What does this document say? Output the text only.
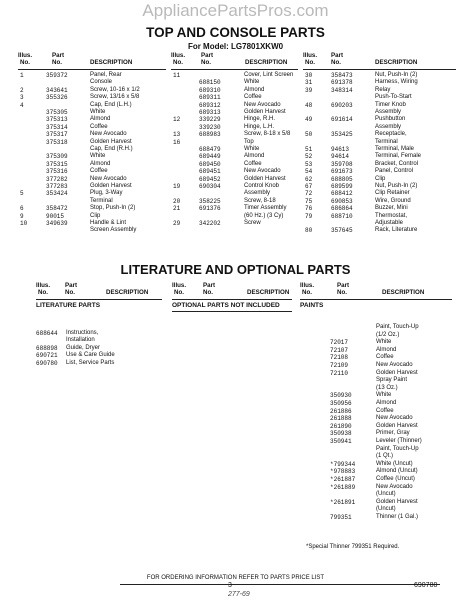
AppliancePartsPros.com
TOP AND CONSOLE PARTS
For Model: LG7801XKW0
Illus.
No.
Part
No.	DESCRIPTION
Illus.
No.
Part
No.	DESCRIPTION
Illus.
No.
Part
No.	DESCRIPTION
1	359372	Panel, Rear
Console
2	343641	Screw, 10-16 x 1/2
3	355326	Screw, 13/16 x 5/8
4	Cap, End (L.H.)
375305	White
375313	Almond
375314	Coffee
375317	New Avocado
375318	Golden Harvest
Cap, End (R.H.)
375309	White
375315	Almond
375316	Coffee
377282	New Avocado
377283	Golden Harvest
5	353424	Plug, 3-Way
Terminal
6	358472	Stop, Push-In (2)
9	90015	Clip
10	349639	Handle & Lint
Screen Assembly
11	Cover, Lint Screen
688150	White
689310	Almond
689311	Coffee
689312	New Avocado
689313	Golden Harvest
12	339229	Hinge, R.H.
339230	Hinge, L.H.
13	688983	Screw, 8-18 x 5/8
16	Top
688479	White
689449	Almond
689450	Coffee
689451	New Avocado
689452	Golden Harvest
19	690304	Control Knob
Assembly
20	358225	Screw, 8-18
21	691376	Timer Assembly
(60 Hz.) (3 Cy)
29	342202	Screw
30	358473	Nut, Push-In (2)
31	691378	Harness, Wiring
39	348314	Relay
Push-To-Start
48	690203	Timer Knob
Assembly
49	691614	Pushbutton
Assembly
50	353425	Receptacle,
Terminal
51	94613	Terminal, Male
52	94614	Terminal, Female
53	359708	Bracket, Control
54	691673	Panel, Control
62	688805	Clip
67	689599	Nut, Push-In (2)
72	688412	Clip Retainer
75	690853	Wire, Ground
76	686864	Buzzer, Mini
79	688710	Thermostat,
Adjustable
80	357645	Rack, Literature
LITERATURE AND OPTIONAL PARTS
Illus.
No.
Part
No.	DESCRIPTION
Illus.
No.
Part
No.	DESCRIPTION
Illus.
No.
Part
No.	DESCRIPTION
LITERATURE PARTS	OPTIONAL PARTS NOT INCLUDED	PAINTS
688644 Instructions,
Installation
688898 Guide, Dryer
690721 Use & Care Guide
690780 List, Service Parts
Paint, Touch-Up
(1/2 Oz.)
72017	White
72107	Almond
72108	Coffee
72109	New Avocado
72110	Golden Harvest
Spray Paint
(13 Oz.)
350930	White
350956	Almond
261886	Coffee
261888	New Avocado
261890	Golden Harvest
350938	Primer, Gray
350941	Leveler (Thinner)
Paint, Touch-Up
(1 Qt.)
*799344	White (Uncut)
*978883	Almond (Uncut)
*261887	Coffee (Uncut)
*261889	New Avocado
(Uncut)
*261891	Golden Harvest
(Uncut)
799351	Thinner (1 Gal.)
*Special Thinner 799351 Required.
FOR ORDERING INFORMATION REFER TO PARTS PRICE LIST
3	690780
277-69
